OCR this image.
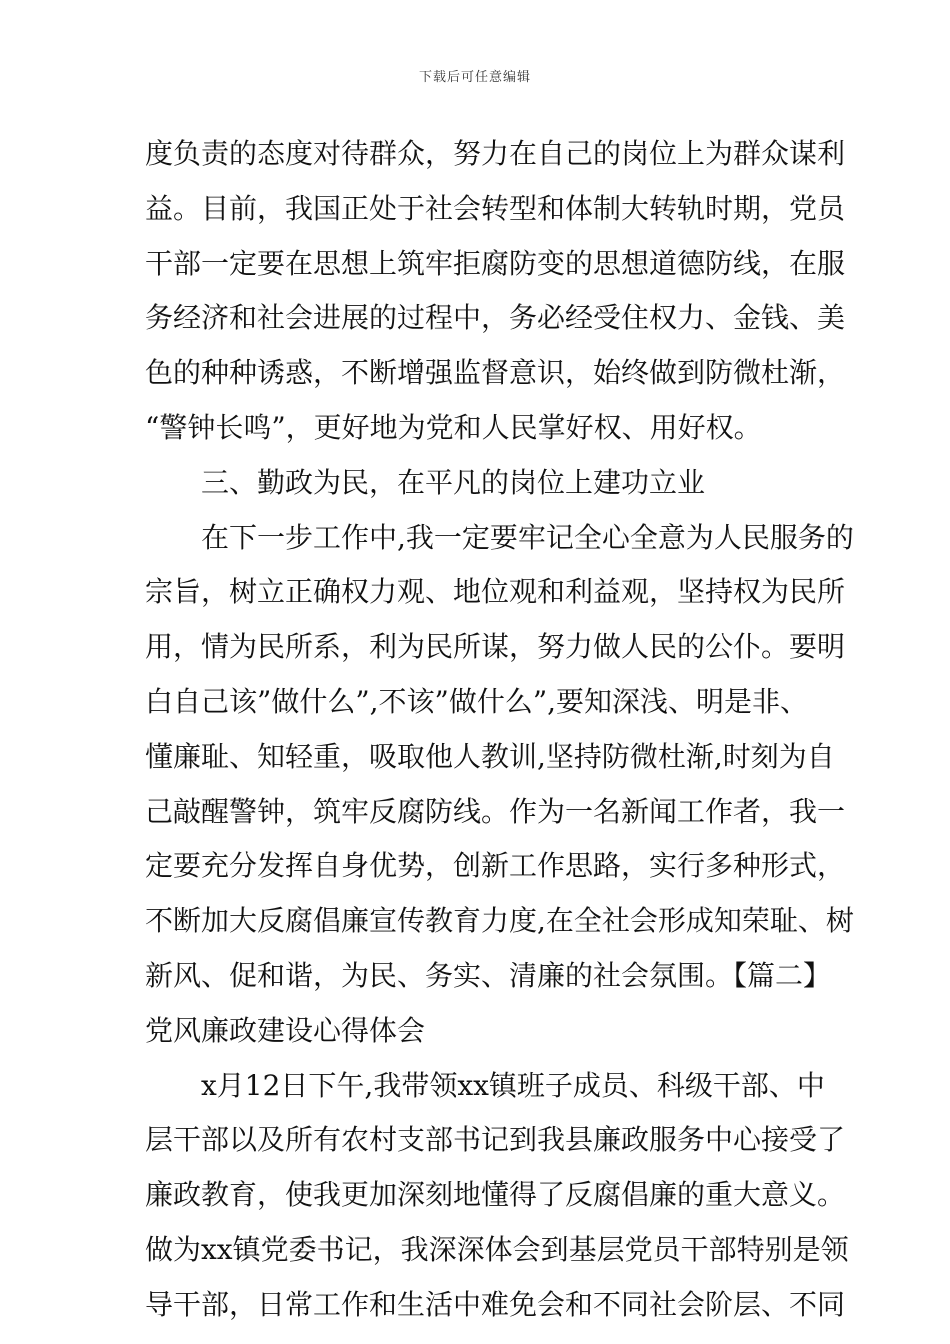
下载后可任意编辑
度负责的态度对待群众，努力在自己的岗位上为群众谋利
益。目前，我国正处于社会转型和体制大转轨时期，党员
干部一定要在思想上筑牢拒腐防变的思想道德防线，在服
务经济和社会进展的过程中，务必经受住权力、金钱、美
色的种种诱惑，不断增强监督意识，始终做到防微杜渐，
“警钟长鸣”，更好地为党和人民掌好权、用好权。
三、勤政为民，在平凡的岗位上建功立业
在下一步工作中,我一定要牢记全心全意为人民服务的
宗旨，树立正确权力观、地位观和利益观，坚持权为民所
用，情为民所系，利为民所谋，努力做人民的公仆。要明
白自己该”做什么”,不该”做什么”,要知深浅、明是非、
懂廉耻、知轻重，吸取他人教训,坚持防微杜渐,时刻为自
己敲醒警钟，筑牢反腐防线。作为一名新闻工作者，我一
定要充分发挥自身优势，创新工作思路，实行多种形式，
不断加大反腐倡廉宣传教育力度,在全社会形成知荣耻、树
新风、促和谐，为民、务实、清廉的社会氛围。【篇二】
党风廉政建设心得体会
x月12日下午,我带领xx镇班子成员、科级干部、中
层干部以及所有农村支部书记到我县廉政服务中心接受了
廉政教育，使我更加深刻地懂得了反腐倡廉的重大意义。
做为xx镇党委书记，我深深体会到基层党员干部特别是领
导干部，日常工作和生活中难免会和不同社会阶层、不同
